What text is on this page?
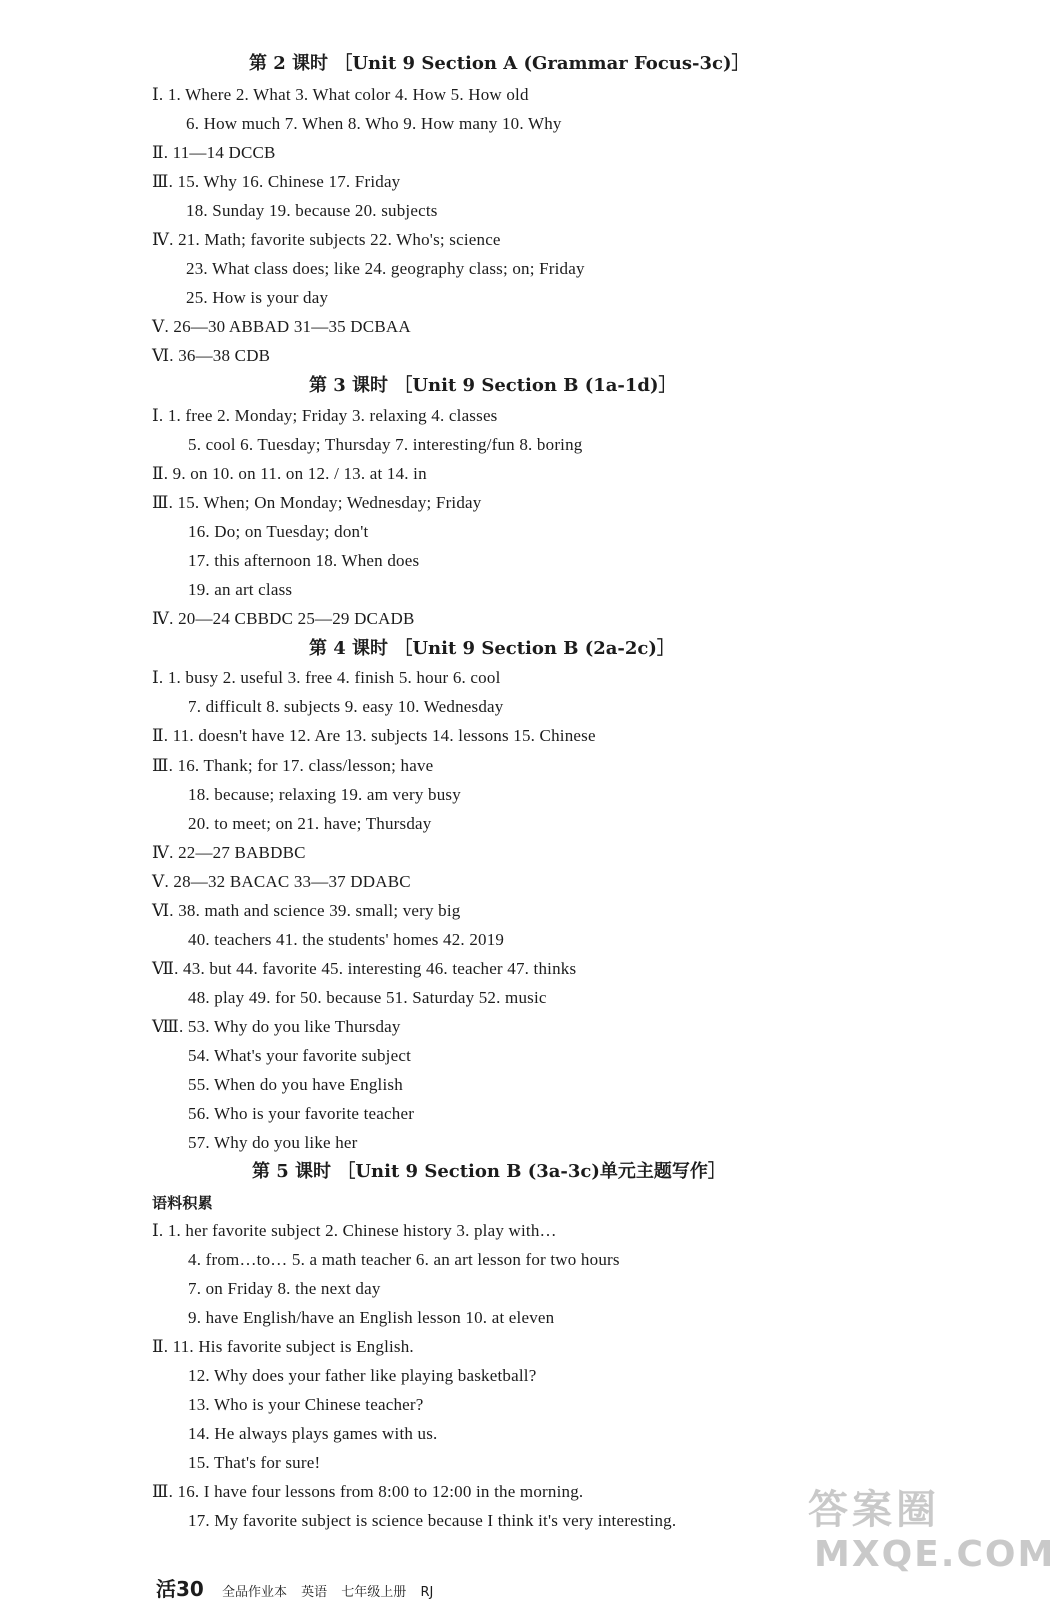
第 2 课时 ［Unit 9 Section A (Grammar Focus-3c)］
Ⅰ. 1. Where 2. What 3. What color 4. How 5. How old
6. How much 7. When 8. Who 9. How many 10. Why
Ⅱ. 11—14 DCCB
Ⅲ. 15. Why 16. Chinese 17. Friday
18. Sunday 19. because 20. subjects
Ⅳ. 21. Math; favorite subjects 22. Who's; science
23. What class does; like 24. geography class; on; Friday
25. How is your day
Ⅴ. 26—30 ABBAD 31—35 DCBAA
Ⅵ. 36—38 CDB
第 3 课时 ［Unit 9 Section B (1a-1d)］
Ⅰ. 1. free 2. Monday; Friday 3. relaxing 4. classes
5. cool 6. Tuesday; Thursday 7. interesting/fun 8. boring
Ⅱ. 9. on 10. on 11. on 12. / 13. at 14. in
Ⅲ. 15. When; On Monday; Wednesday; Friday
16. Do; on Tuesday; don't
17. this afternoon 18. When does
19. an art class
Ⅳ. 20—24 CBBDC 25—29 DCADB
第 4 课时 ［Unit 9 Section B (2a-2c)］
Ⅰ. 1. busy 2. useful 3. free 4. finish 5. hour 6. cool
7. difficult 8. subjects 9. easy 10. Wednesday
Ⅱ. 11. doesn't have 12. Are 13. subjects 14. lessons 15. Chinese
Ⅲ. 16. Thank; for 17. class/lesson; have
18. because; relaxing 19. am very busy
20. to meet; on 21. have; Thursday
Ⅳ. 22—27 BABDBC
Ⅴ. 28—32 BACAC 33—37 DDABC
Ⅵ. 38. math and science 39. small; very big
40. teachers 41. the students' homes 42. 2019
Ⅶ. 43. but 44. favorite 45. interesting 46. teacher 47. thinks
48. play 49. for 50. because 51. Saturday 52. music
Ⅷ. 53. Why do you like Thursday
54. What's your favorite subject
55. When do you have English
56. Who is your favorite teacher
57. Why do you like her
第 5 课时 ［Unit 9 Section B (3a-3c)单元主题写作］
语料积累
Ⅰ. 1. her favorite subject 2. Chinese history 3. play with…
4. from…to… 5. a math teacher 6. an art lesson for two hours
7. on Friday 8. the next day
9. have English/have an English lesson 10. at eleven
Ⅱ. 11. His favorite subject is English.
12. Why does your father like playing basketball?
13. Who is your Chinese teacher?
14. He always plays games with us.
15. That's for sure!
Ⅲ. 16. I have four lessons from 8:00 to 12:00 in the morning.
17. My favorite subject is science because I think it's very interesting.
活30 全品作业本 英语 七年级上册 RJ
答案圈
MXQE.COM
